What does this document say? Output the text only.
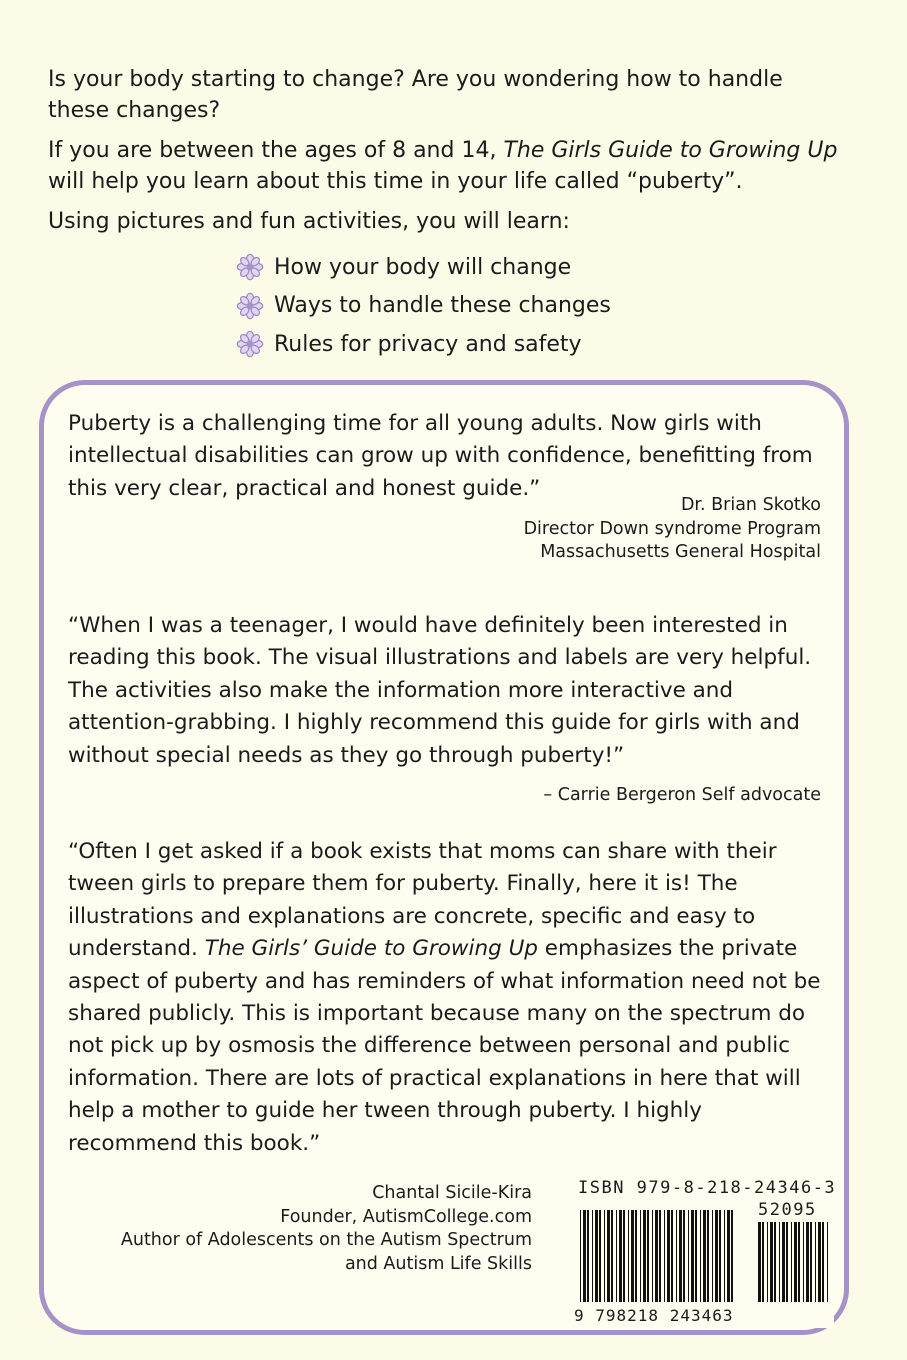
Is your body starting to change? Are you wondering how to handle these changes?

If you are between the ages of 8 and 14, The Girls Guide to Growing Up will help you learn about this time in your life called “puberty”.

Using pictures and fun activities, you will learn:

How your body will change
Ways to handle these changes
Rules for privacy and safety

Puberty is a challenging time for all young adults. Now girls with intellectual disabilities can grow up with confidence, benefitting from this very clear, practical and honest guide.”

Dr. Brian Skotko
Director Down syndrome Program
Massachusetts General Hospital

“When I was a teenager, I would have definitely been interested in reading this book. The visual illustrations and labels are very helpful. The activities also make the information more interactive and attention-grabbing. I highly recommend this guide for girls with and without special needs as they go through puberty!”

– Carrie Bergeron Self advocate

“Often I get asked if a book exists that moms can share with their tween girls to prepare them for puberty. Finally, here it is! The illustrations and explanations are concrete, specific and easy to understand. The Girls’ Guide to Growing Up emphasizes the private aspect of puberty and has reminders of what information need not be shared publicly. This is important because many on the spectrum do not pick up by osmosis the difference between personal and public information. There are lots of practical explanations in here that will help a mother to guide her tween through puberty. I highly recommend this book.”

Chantal Sicile-Kira
Founder, AutismCollege.com
Author of Adolescents on the Autism Spectrum
and Autism Life Skills
ISBN 979-8-218-24346-3
52095
9 798218 243463
